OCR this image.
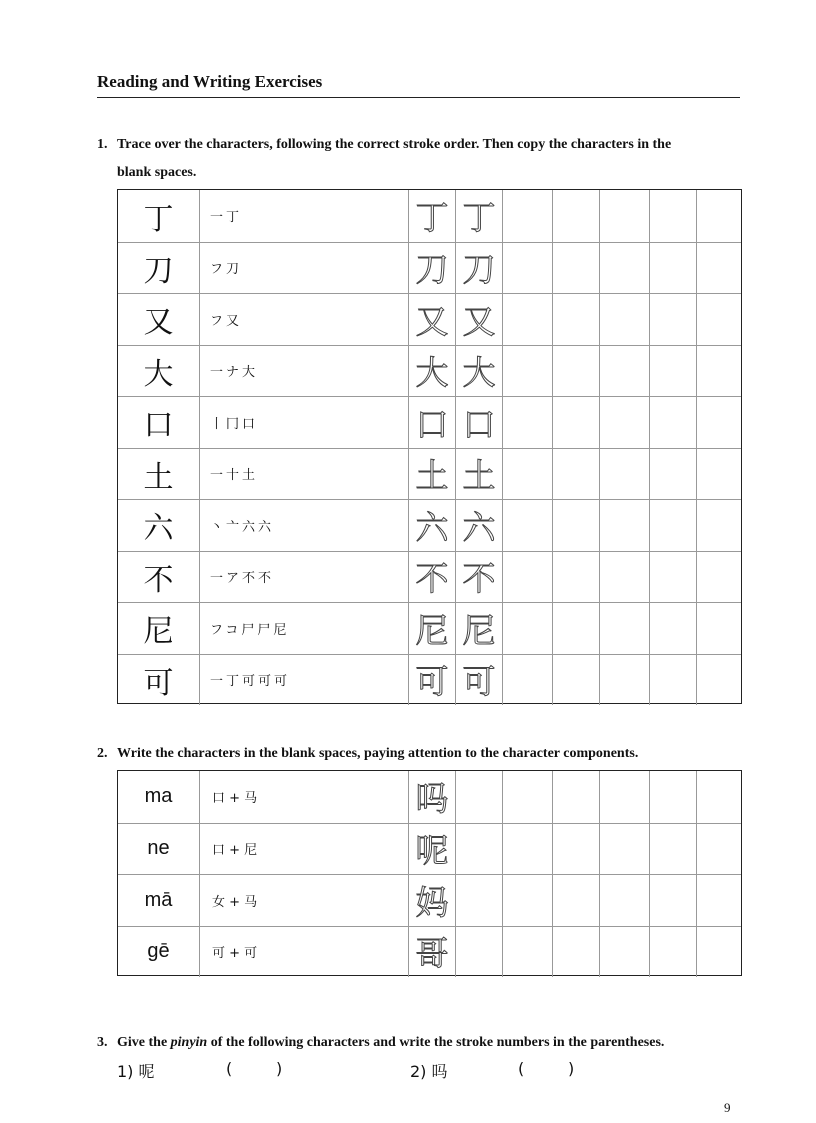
Reading and Writing Exercises
1. Trace over the characters, following the correct stroke order. Then copy the characters in the
blank spaces.
丁	一丁	丁 丁
刀	フ刀	刀 刀
又	フ又	又 又
大	一ナ大	大 大
口	丨冂口	口 口
土	一十土	土 土
六	丶亠六六	六 六
不	一ア不不	不 不
尼	フコ尸尸尼	尼 尼
可	一丁可可可	可 可
2. Write the characters in the blank spaces, paying attention to the character components.
ma	口 + 马	吗
ne	口 + 尼	呢
mā	女 + 马	妈
gē	可 + 可	哥
3. Give the pinyin of the following characters and write the stroke numbers in the parentheses.
1) 呢	(	)	2) 吗	(	)
9
